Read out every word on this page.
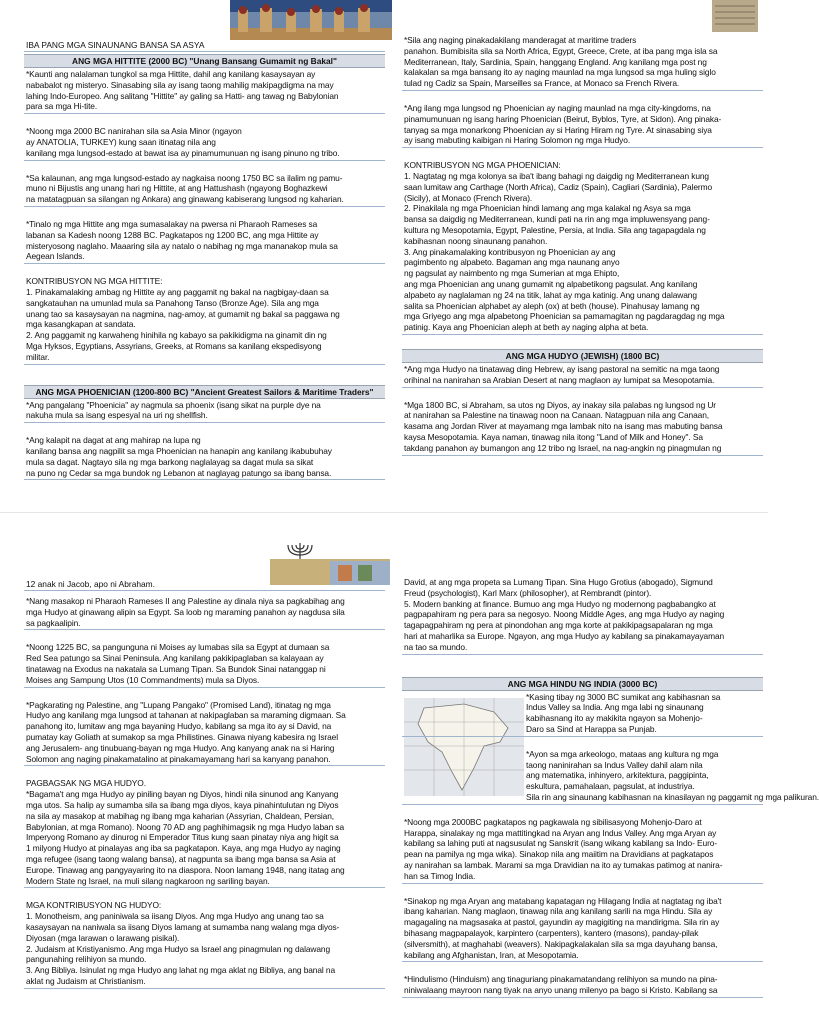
IBA PANG MGA SINAUNANG BANSA SA ASYA
ANG MGA HITTITE (2000 BC) "Unang Bansang Gumamit ng Bakal"
*Kaunti ang nalalaman tungkol sa mga Hittite, dahil ang kanilang kasaysayan ay
nababalot ng misteryo. Sinasabing sila ay isang taong mahilig makipagdigma na may
lahing Indo-Europeo. Ang salitang "Hittite" ay galing sa Hatti- ang tawag ng Babylonian
para sa mga Hi-tite.
*Noong mga 2000 BC nanirahan sila sa Asia Minor (ngayon
ay ANATOLIA, TURKEY) kung saan itinatag nila ang
kanilang mga lungsod-estado at bawat isa ay pinamumunuan ng isang pinuno ng tribo.
*Sa kalaunan, ang mga lungsod-estado ay nagkaisa noong 1750 BC sa ilalim ng pamu-
muno ni Bijustis ang unang hari ng Hittite, at ang Hattushash (ngayong Boghazkewi
na matatagpuan sa silangan ng Ankara) ang ginawang kabiserang lungsod ng kaharian.
*Tinalo ng mga Hittite ang mga sumasalakay na pwersa ni Pharaoh Rameses sa
labanan sa Kadesh noong 1288 BC. Pagkatapos ng 1200 BC, ang mga Hittite ay
misteryosong naglaho. Maaaring sila ay natalo o nabihag ng mga mananakop mula sa
Aegean Islands.
KONTRIBUSYON NG MGA HITTITE:
1. Pinakamalaking ambag ng Hittite ay ang paggamit ng bakal na nagbigay-daan sa
sangkatauhan na umunlad mula sa Panahong Tanso (Bronze Age). Sila ang mga
unang tao sa kasaysayan na nagmina, nag-amoy, at gumamit ng bakal sa paggawa ng
mga kasangkapan at sandata.
2. Ang paggamit ng karwaheng hinihila ng kabayo sa pakikidigma na ginamit din ng
Mga Hyksos, Egyptians, Assyrians, Greeks, at Romans sa kanilang ekspedisyong
militar.
ANG MGA PHOENICIAN (1200-800 BC) "Ancient Greatest Sailors & Maritime Traders"
*Ang pangalang "Phoenicia" ay nagmula sa phoenix (isang sikat na purple dye na
nakuha mula sa isang espesyal na uri ng shellfish.
*Ang kalapit na dagat at ang mahirap na lupa ng
kanilang bansa ang nagpilit sa mga Phoenician na hanapin ang kanilang ikabubuhay
mula sa dagat. Nagtayo sila ng mga barkong naglalayag sa dagat mula sa sikat
na puno ng Cedar sa mga bundok ng Lebanon at naglayag patungo sa ibang bansa.
*Sila ang naging pinakadakilang manderagat at maritime traders
panahon. Bumibisita sila sa North Africa, Egypt, Greece, Crete, at iba pang mga isla sa
Mediterranean, Italy, Sardinia, Spain, hanggang England. Ang kanilang mga post ng
kalakalan sa mga bansang ito ay naging maunlad na mga lungsod sa mga huling siglo
tulad ng Cadiz sa Spain, Marseilles sa France, at Monaco sa French Rivera.
*Ang ilang mga lungsod ng Phoenician ay naging maunlad na mga city-kingdoms, na
pinamumunuan ng isang haring Phoenician (Beirut, Byblos, Tyre, at Sidon). Ang pinaka-
tanyag sa mga monarkong Phoenician ay si Haring Hiram ng Tyre. At sinasabing siya
ay isang mabuting kaibigan ni Haring Solomon ng mga Hudyo.
KONTRIBUSYON NG MGA PHOENICIAN:
1. Nagtatag ng mga kolonya sa iba't ibang bahagi ng daigdig ng Mediterranean kung
saan lumitaw ang Carthage (North Africa), Cadiz (Spain), Cagliari (Sardinia), Palermo
(Sicily), at Monaco (French Rivera).
2. Pinakilala ng mga Phoenician hindi lamang ang mga kalakal ng Asya sa mga
bansa sa daigdig ng Mediterranean, kundi pati na rin ang mga impluwensyang pang-
kultura ng Mesopotamia, Egypt, Palestine, Persia, at India. Sila ang tagapagdala ng
kabihasnan noong sinaunang panahon.
3. Ang pinakamalaking kontribusyon ng Phoenician ay ang
pagimbento ng alpabeto. Bagaman ang mga naunang anyo
ng pagsulat ay naimbento ng mga Sumerian at mga Ehipto,
ang mga Phoenician ang unang gumamit ng alpabetikong pagsulat. Ang kanilang
alpabeto ay naglalaman ng 24 na titik, lahat ay mga katinig. Ang unang dalawang
salita sa Phoenician alphabet ay aleph (ox) at beth (house). Pinahusay lamang ng
mga Griyego ang mga alpabetong Phoenician sa pamamagitan ng pagdaragdag ng mga
patinig. Kaya ang Phoenician aleph at beth ay naging alpha at beta.
ANG MGA HUDYO (JEWISH) (1800 BC)
*Ang mga Hudyo na tinatawag ding Hebrew, ay isang pastoral na semitic na mga taong
orihinal na nanirahan sa Arabian Desert at nang maglaon ay lumipat sa Mesopotamia.
*Mga 1800 BC, si Abraham, sa utos ng Diyos, ay inakay sila palabas ng lungsod ng Ur
at nanirahan sa Palestine na tinawag noon na Canaan. Natagpuan nila ang Canaan,
kasama ang Jordan River at mayamang mga lambak nito na isang mas mabuting bansa
kaysa Mesopotamia. Kaya naman, tinawag nila itong "Land of Milk and Honey". Sa
takdang panahon ay bumangon ang 12 tribo ng Israel, na nag-angkin ng pinagmulan ng
12 anak ni Jacob, apo ni Abraham.
*Nang masakop ni Pharaoh Rameses II ang Palestine ay dinala niya sa pagkabihag ang
mga Hudyo at ginawang alipin sa Egypt. Sa loob ng maraming panahon ay nagdusa sila
sa pagkaalipin.
*Noong 1225 BC, sa pangunguna ni Moises ay lumabas sila sa Egypt at dumaan sa
Red Sea patungo sa Sinai Peninsula. Ang kanilang pakikipaglaban sa kalayaan ay
tinatawag na Exodus na nakatala sa Lumang Tipan. Sa Bundok Sinai natanggap ni
Moises ang Sampung Utos (10 Commandments) mula sa Diyos.
*Pagkarating ng Palestine, ang "Lupang Pangako" (Promised Land), itinatag ng mga
Hudyo ang kanilang mga lungsod at tahanan at nakipaglaban sa maraming digmaan. Sa
panahong ito, lumitaw ang mga bayaning Hudyo, kabilang sa mga ito ay si David, na
pumatay kay Goliath at sumakop sa mga Philistines. Ginawa niyang kabesira ng Israel
ang Jerusalem- ang tinubuang-bayan ng mga Hudyo. Ang kanyang anak na si Haring
Solomon ang naging pinakamatalino at pinakamayamang hari sa kanyang panahon.
PAGBAGSAK NG MGA HUDYO.
*Bagama't ang mga Hudyo ay piniling bayan ng Diyos, hindi nila sinunod ang Kanyang
mga utos. Sa halip ay sumamba sila sa ibang mga diyos, kaya pinahintulutan ng Diyos
na sila ay masakop at mabihag ng ibang mga kaharian (Assyrian, Chaldean, Persian,
Babylonian, at mga Romano). Noong 70 AD ang paghihimagsik ng mga Hudyo laban sa
Imperyong Romano ay dinurog ni Emperador Titus kung saan pinatay niya ang higit sa
1 milyong Hudyo at pinalayas ang iba sa pagkatapon. Kaya, ang mga Hudyo ay naging
mga refugee (isang taong walang bansa), at nagpunta sa ibang mga bansa sa Asia at
Europe. Tinawag ang pangyayaring ito na diaspora. Noon lamang 1948, nang itatag ang
Modern State ng Israel, na muli silang nagkaroon ng sariling bayan.
MGA KONTRIBUSYON NG HUDYO:
1. Monotheism, ang paniniwala sa iisang Diyos. Ang mga Hudyo ang unang tao sa
kasaysayan na naniwala sa iisang Diyos lamang at sumamba nang walang mga diyos-
Diyosan (mga larawan o larawang pisikal).
2. Judaism at Kristiyanismo. Ang mga Hudyo sa Israel ang pinagmulan ng dalawang
pangunahing relihiyon sa mundo.
3. Ang Bibliya. Isinulat ng mga Hudyo ang lahat ng mga aklat ng Bibliya, ang banal na
aklat ng Judaism at Christianism.
David, at ang mga propeta sa Lumang Tipan. Sina Hugo Grotius (abogado), Sigmund
Freud (psychologist), Karl Marx (philosopher), at Rembrandt (pintor).
5. Modern banking at finance. Bumuo ang mga Hudyo ng modernong pagbabangko at
pagpapahiram ng pera para sa negosyo. Noong Middle Ages, ang mga Hudyo ay naging
tagapagpahiram ng pera at pinondohan ang mga korte at pakikipagsapalaran ng mga
hari at maharlika sa Europe. Ngayon, ang mga Hudyo ay kabilang sa pinakamayayaman
na tao sa mundo.
ANG MGA HINDU NG INDIA (3000 BC)
*Kasing tibay ng 3000 BC sumikat ang kabihasnan sa
Indus Valley sa India. Ang mga labi ng sinaunang
kabihasnang ito ay makikita ngayon sa Mohenjo-
Daro sa Sind at Harappa sa Punjab.
*Ayon sa mga arkeologo, mataas ang kultura ng mga
taong naninirahan sa Indus Valley dahil alam nila
ang matematika, inhinyero, arkitektura, paggipinta,
eskultura, pamahalaan, pagsulat, at industriya.
Sila rin ang sinaunang kabihasnan na kinasilayan ng paggamit ng mga palikuran.
*Noong mga 2000BC pagkatapos ng pagkawala ng sibilisasyong Mohenjo-Daro at
Harappa, sinalakay ng mga mattitingkad na Aryan ang Indus Valley. Ang mga Aryan ay
kabilang sa lahing puti at nagsusulat ng Sanskrit (isang wikang kabilang sa Indo- Euro-
pean na pamilya ng mga wika). Sinakop nila ang maiitim na Dravidians at pagkatapos
ay nanirahan sa lambak. Marami sa mga Dravidian na ito ay tumakas patimog at nanira-
han sa Timog India.
*Sinakop ng mga Aryan ang matabang kapatagan ng Hilagang India at nagtatag ng iba't
ibang kaharian. Nang maglaon, tinawag nila ang kanilang sarili na mga Hindu. Sila ay
magagaling na magsasaka at pastol, gayundin ay magigiting na mandirigma. Sila rin ay
bihasang magpapalayok, karpintero (carpenters), kantero (masons), panday-pilak
(silversmith), at maghahabi (weavers). Nakipagkalakalan sila sa mga dayuhang bansa,
kabilang ang Afghanistan, Iran, at Mesopotamia.
*Hindulismo (Hinduism) ang tinaguriang pinakamatandang relihiyon sa mundo na pina-
niniwalaang mayroon nang tiyak na anyo unang milenyo pa bago si Kristo. Kabilang sa
